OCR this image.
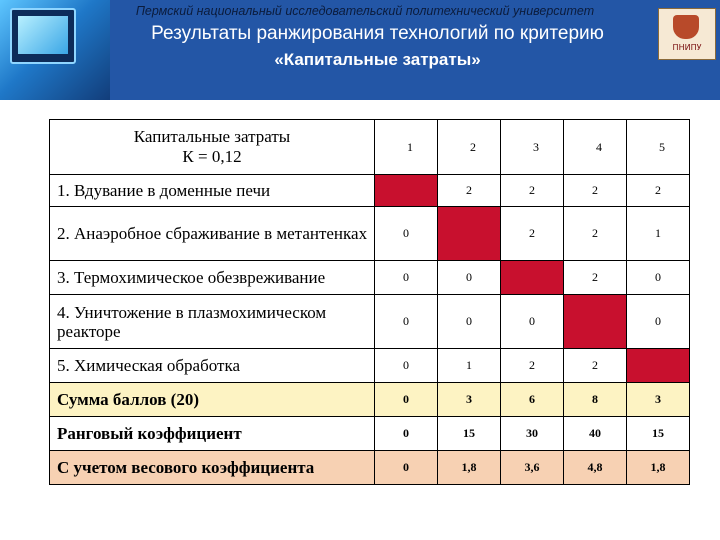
Пермский национальный исследовательский политехнический университет
Результаты ранжирования технологий по критерию
«Капитальные затраты»
ПНИПУ
Капитальные затраты
К = 0,12	1	2	3	4	5
1. Вдувание в доменные печи		2	2	2	2
2. Анаэробное сбраживание в метантенках	0		2	2	1
3. Термохимическое обезвреживание	0	0		2	0
4. Уничтожение в плазмохимическом реакторе	0	0	0		0
5. Химическая обработка	0	1	2	2	
Сумма баллов (20)	0	3	6	8	3
Ранговый коэффициент	0	15	30	40	15
С учетом весового коэффициента	0	1,8	3,6	4,8	1,8
